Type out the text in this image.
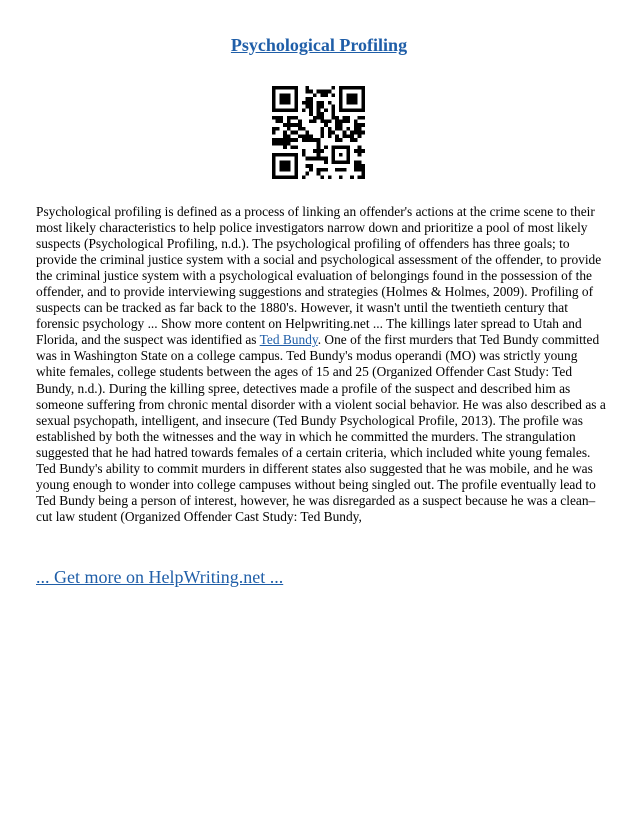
Psychological Profiling

Psychological profiling is defined as a process of linking an offender's actions at the crime scene to their most likely characteristics to help police investigators narrow down and prioritize a pool of most likely suspects (Psychological Profiling, n.d.). The psychological profiling of offenders has three goals; to provide the criminal justice system with a social and psychological assessment of the offender, to provide the criminal justice system with a psychological evaluation of belongings found in the possession of the offender, and to provide interviewing suggestions and strategies (Holmes & Holmes, 2009). Profiling of suspects can be tracked as far back to the 1880's. However, it wasn't until the twentieth century that forensic psychology ... Show more content on Helpwriting.net ... The killings later spread to Utah and Florida, and the suspect was identified as Ted Bundy. One of the first murders that Ted Bundy committed was in Washington State on a college campus. Ted Bundy's modus operandi (MO) was strictly young white females, college students between the ages of 15 and 25 (Organized Offender Cast Study: Ted Bundy, n.d.). During the killing spree, detectives made a profile of the suspect and described him as someone suffering from chronic mental disorder with a violent social behavior. He was also described as a sexual psychopath, intelligent, and insecure (Ted Bundy Psychological Profile, 2013). The profile was established by both the witnesses and the way in which he committed the murders. The strangulation suggested that he had hatred towards females of a certain criteria, which included white young females. Ted Bundy's ability to commit murders in different states also suggested that he was mobile, and he was young enough to wonder into college campuses without being singled out. The profile eventually lead to Ted Bundy being a person of interest, however, he was disregarded as a suspect because he was a clean–cut law student (Organized Offender Cast Study: Ted Bundy,

... Get more on HelpWriting.net ...
